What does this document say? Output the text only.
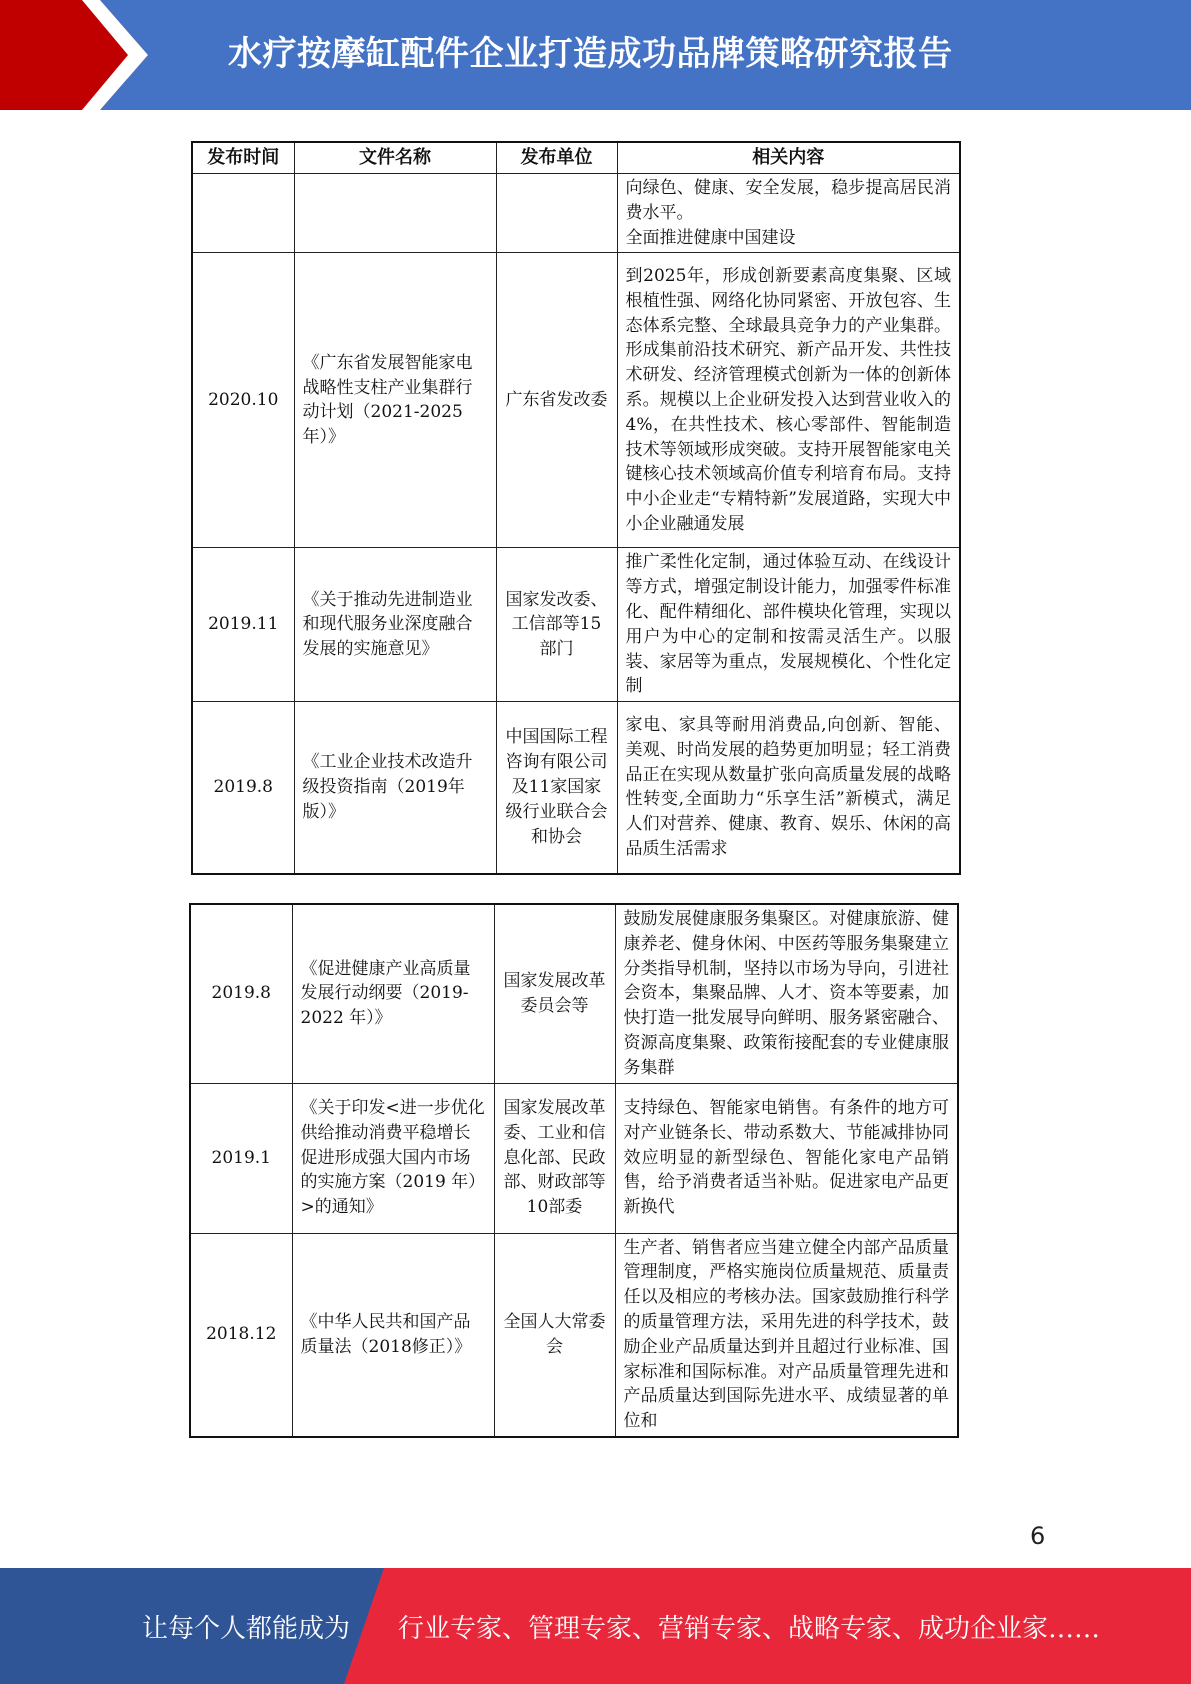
水疗按摩缸配件企业打造成功品牌策略研究报告
发布时间	文件名称	发布单位	相关内容
			向绿色、健康、安全发展，稳步提高居民消费水平。
全面推进健康中国建设
2020.10	《广东省发展智能家电战略性支柱产业集群行动计划（2021-2025年）》	广东省发改委	到2025年，形成创新要素高度集聚、区域根植性强、网络化协同紧密、开放包容、生态体系完整、全球最具竞争力的产业集群。形成集前沿技术研究、新产品开发、共性技术研发、经济管理模式创新为一体的创新体系。规模以上企业研发投入达到营业收入的4%，在共性技术、核心零部件、智能制造技术等领域形成突破。支持开展智能家电关键核心技术领域高价值专利培育布局。支持中小企业走“专精特新”发展道路，实现大中小企业融通发展
2019.11	《关于推动先进制造业和现代服务业深度融合发展的实施意见》	国家发改委、工信部等15部门	推广柔性化定制，通过体验互动、在线设计等方式，增强定制设计能力，加强零件标准化、配件精细化、部件模块化管理，实现以用户为中心的定制和按需灵活生产。以服装、家居等为重点，发展规模化、个性化定制
2019.8	《工业企业技术改造升级投资指南（2019年版）》	中国国际工程咨询有限公司及11家国家级行业联合会和协会	家电、家具等耐用消费品,向创新、智能、美观、时尚发展的趋势更加明显；轻工消费品正在实现从数量扩张向高质量发展的战略性转变,全面助力“乐享生活”新模式，满足人们对营养、健康、教育、娱乐、休闲的高品质生活需求
2019.8	《促进健康产业高质量发展行动纲要（2019-2022 年）》	国家发展改革委员会等	鼓励发展健康服务集聚区。对健康旅游、健康养老、健身休闲、中医药等服务集聚建立分类指导机制，坚持以市场为导向，引进社会资本，集聚品牌、人才、资本等要素，加快打造一批发展导向鲜明、服务紧密融合、资源高度集聚、政策衔接配套的专业健康服务集群
2019.1	《关于印发<进一步优化供给推动消费平稳增长促进形成强大国内市场的实施方案（2019 年）>的通知》	国家发展改革委、工业和信息化部、民政部、财政部等10部委	支持绿色、智能家电销售。有条件的地方可对产业链条长、带动系数大、节能减排协同效应明显的新型绿色、智能化家电产品销售，给予消费者适当补贴。促进家电产品更新换代
2018.12	《中华人民共和国产品质量法（2018修正）》	全国人大常委会	生产者、销售者应当建立健全内部产品质量管理制度，严格实施岗位质量规范、质量责任以及相应的考核办法。国家鼓励推行科学的质量管理方法，采用先进的科学技术，鼓励企业产品质量达到并且超过行业标准、国家标准和国际标准。对产品质量管理先进和产品质量达到国际先进水平、成绩显著的单位和
6
让每个人都能成为 行业专家、管理专家、营销专家、战略专家、成功企业家……
